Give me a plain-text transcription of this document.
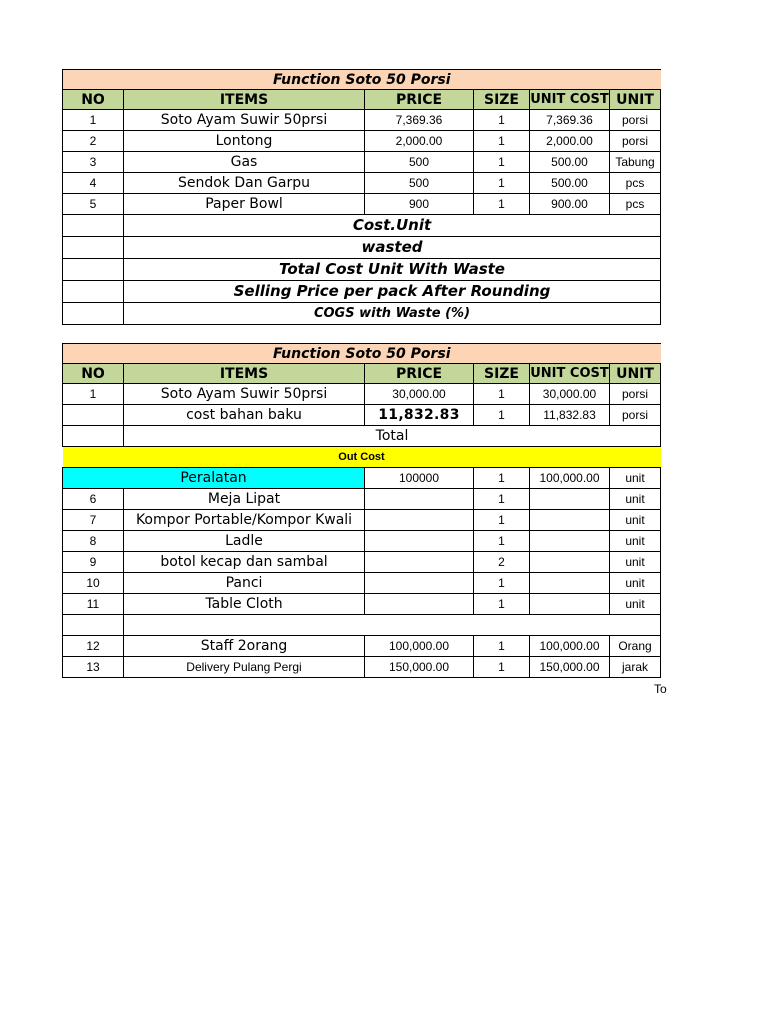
Function Soto 50 Porsi					
NO	ITEMS	PRICE	SIZE	UNIT COST	UNIT
1	Soto Ayam Suwir 50prsi	7,369.36	1	7,369.36	porsi
2	Lontong	2,000.00	1	2,000.00	porsi
3	Gas	500	1	500.00	Tabung
4	Sendok Dan Garpu	500	1	500.00	pcs
5	Paper Bowl	900	1	900.00	pcs
	Cost.Unit				
	wasted				
	Total Cost Unit With Waste				
	Selling Price per pack After Rounding				
	COGS with Waste (%)				
Function Soto 50 Porsi					
NO	ITEMS	PRICE	SIZE	UNIT COST	UNIT
1	Soto Ayam Suwir 50prsi	30,000.00	1	30,000.00	porsi
	cost bahan baku	11,832.83	1	11,832.83	porsi
	Total				
Out Cost					
Peralatan		100000	1	100,000.00	unit
6	Meja Lipat		1		unit
7	Kompor Portable/Kompor Kwali		1		unit
8	Ladle		1		unit
9	botol kecap dan sambal		2		unit
10	Panci		1		unit
11	Table Cloth		1		unit

12	Staff 2orang	100,000.00	1	100,000.00	Orang
13	Delivery Pulang Pergi	150,000.00	1	150,000.00	jarak
To
